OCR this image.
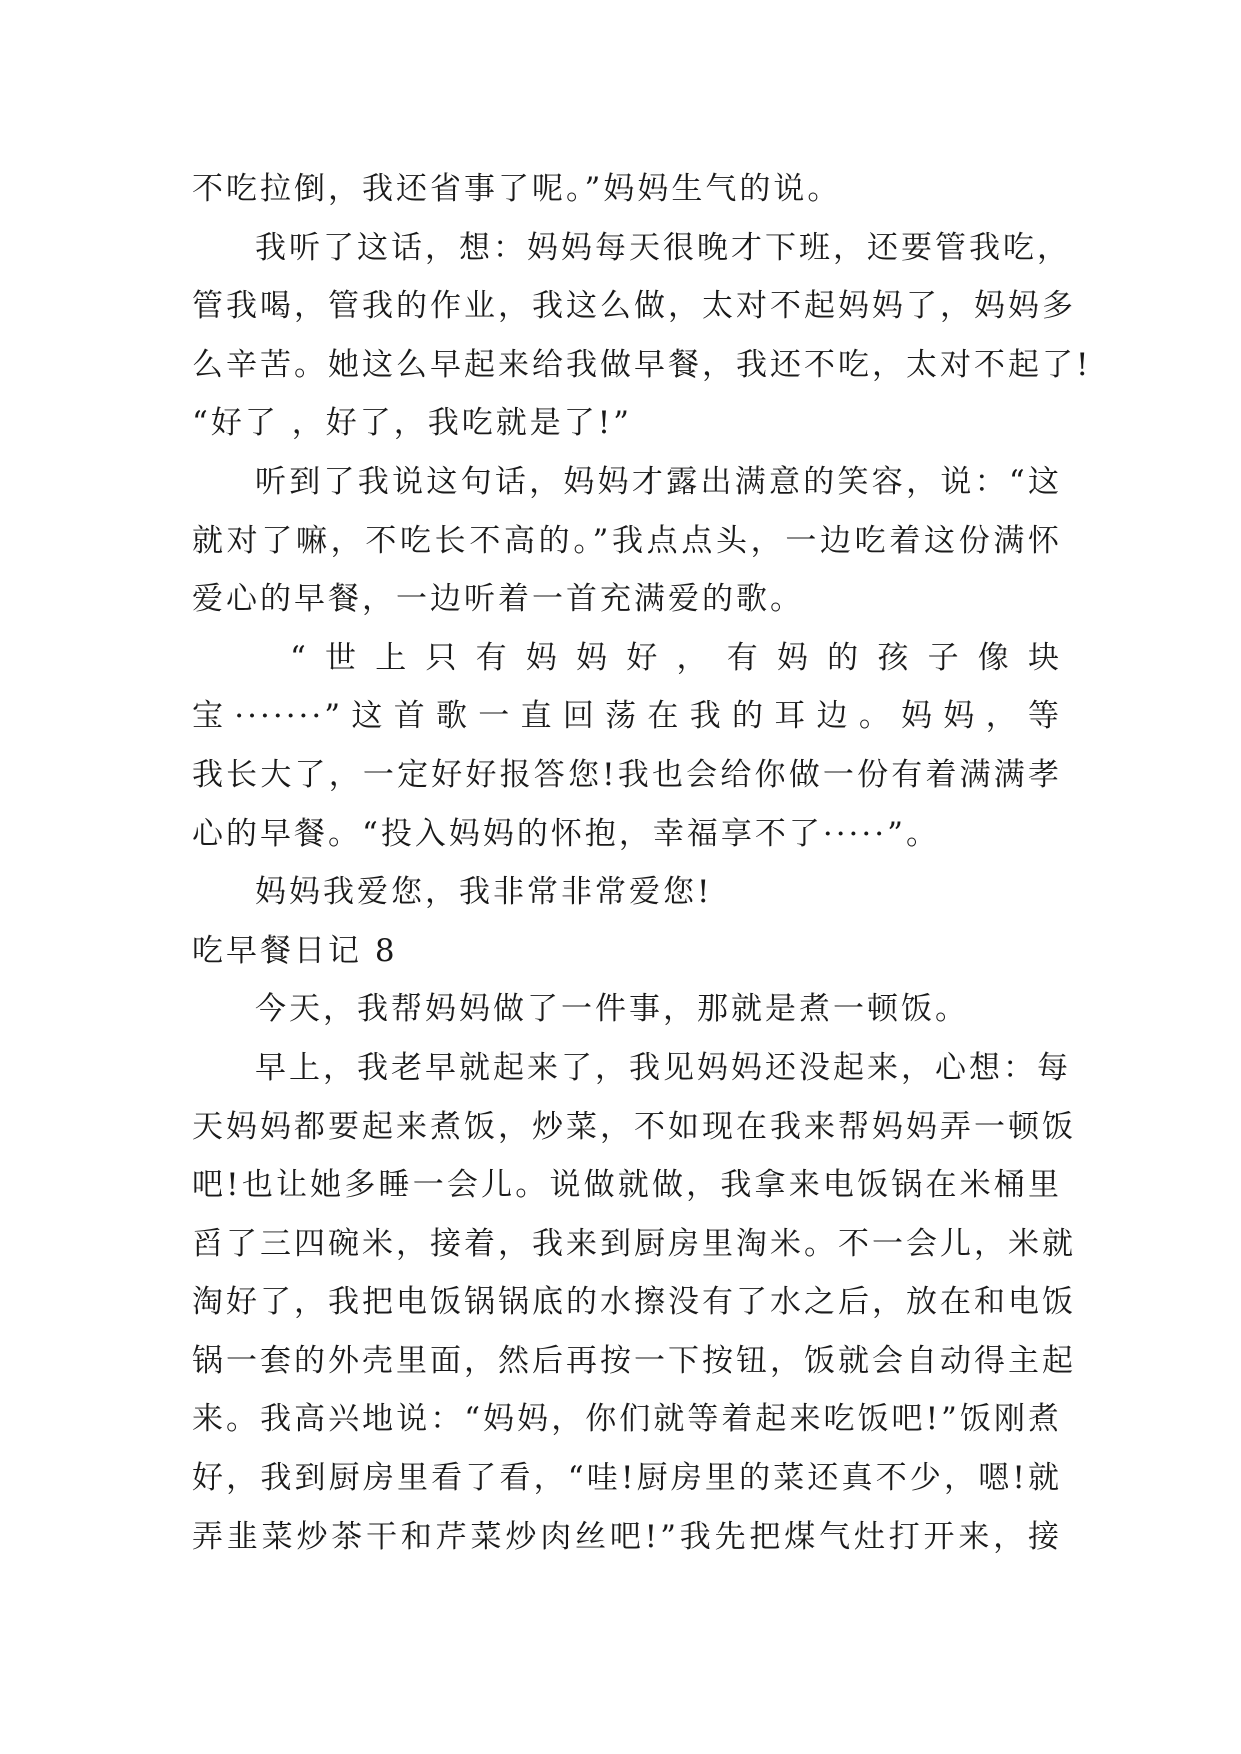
不吃拉倒，我还省事了呢。”妈妈生气的说。
我听了这话，想：妈妈每天很晚才下班，还要管我吃，
管我喝，管我的作业，我这么做，太对不起妈妈了，妈妈多
么辛苦。她这么早起来给我做早餐，我还不吃，太对不起了!
“好了 ，好了，我吃就是了!”
听到了我说这句话，妈妈才露出满意的笑容，说：“这
就对了嘛，不吃长不高的。”我点点头，一边吃着这份满怀
爱心的早餐，一边听着一首充满爱的歌。
“世上只有妈妈好，有妈的孩子像块
宝·······”这首歌一直回荡在我的耳边。妈妈，等
我长大了，一定好好报答您!我也会给你做一份有着满满孝
心的早餐。“投入妈妈的怀抱，幸福享不了·····”。
妈妈我爱您，我非常非常爱您!
吃早餐日记 8
今天，我帮妈妈做了一件事，那就是煮一顿饭。
早上，我老早就起来了，我见妈妈还没起来，心想：每
天妈妈都要起来煮饭，炒菜，不如现在我来帮妈妈弄一顿饭
吧!也让她多睡一会儿。说做就做，我拿来电饭锅在米桶里
舀了三四碗米，接着，我来到厨房里淘米。不一会儿，米就
淘好了，我把电饭锅锅底的水擦没有了水之后，放在和电饭
锅一套的外壳里面，然后再按一下按钮，饭就会自动得主起
来。我高兴地说：“妈妈，你们就等着起来吃饭吧!”饭刚煮
好，我到厨房里看了看，“哇!厨房里的菜还真不少，嗯!就
弄韭菜炒茶干和芹菜炒肉丝吧!”我先把煤气灶打开来，接
